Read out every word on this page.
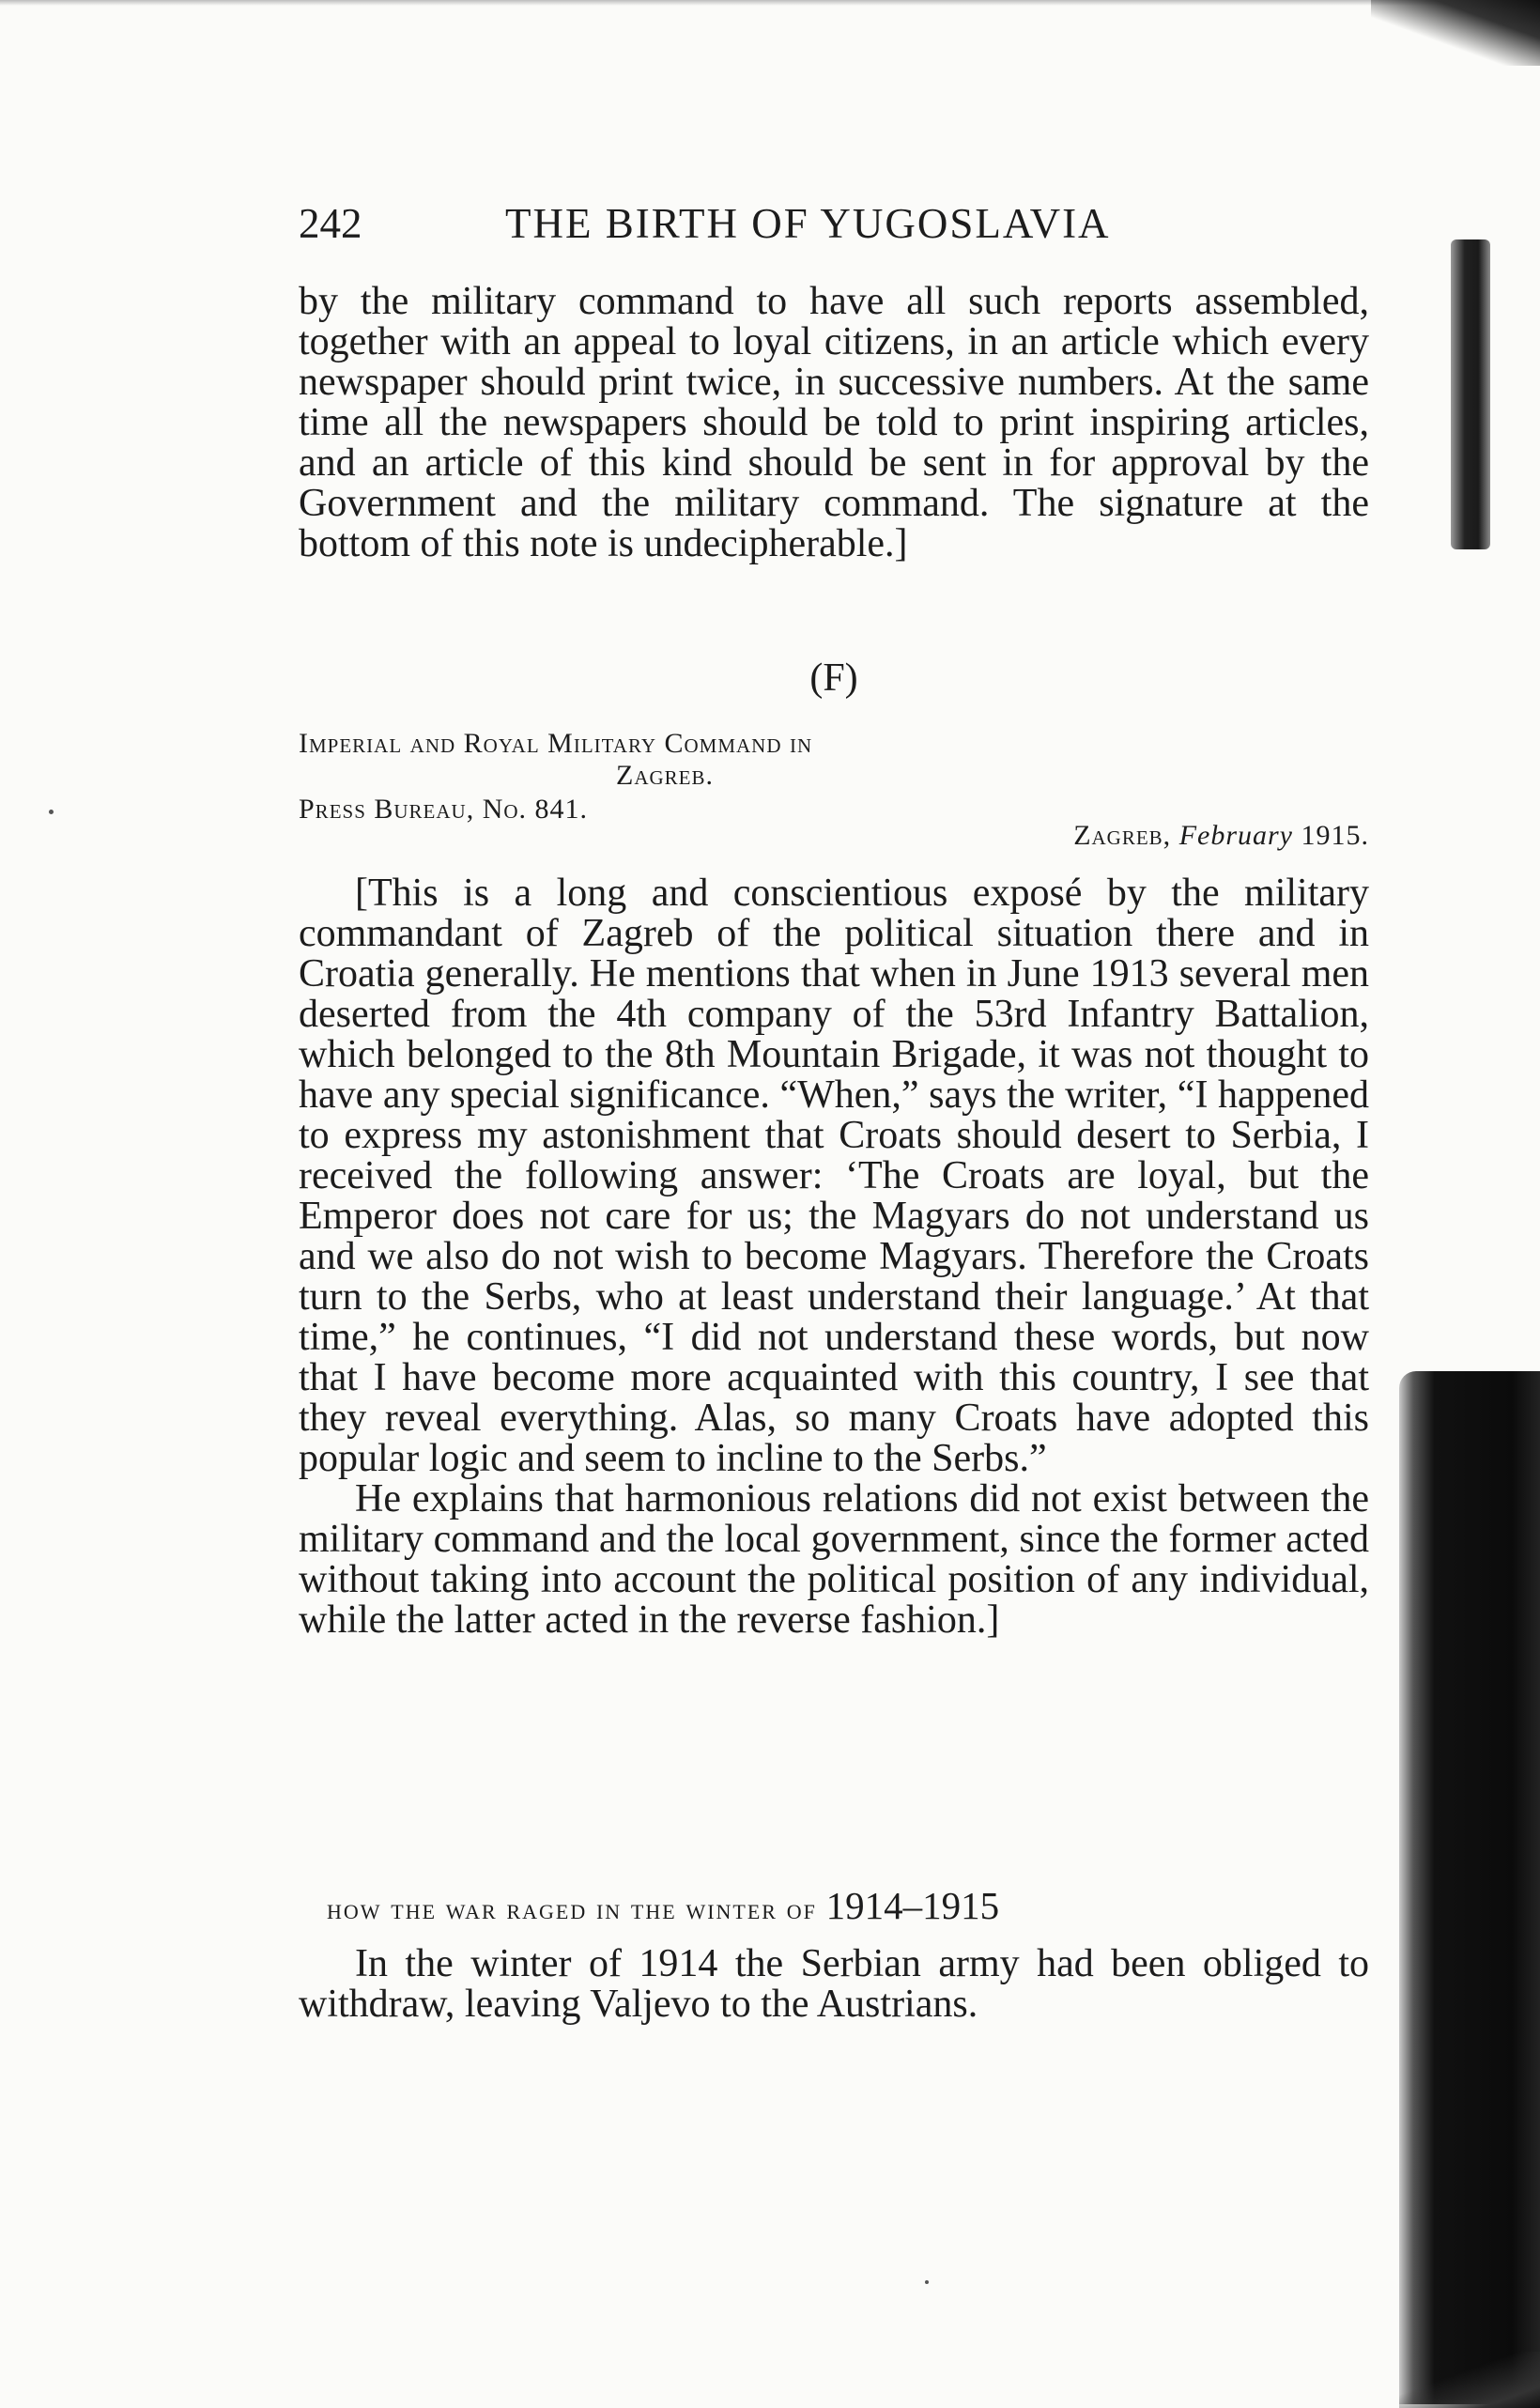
242	THE BIRTH OF YUGOSLAVIA

by the military command to have all such reports assembled, together with an appeal to loyal citizens, in an article which every newspaper should print twice, in successive numbers. At the same time all the newspapers should be told to print inspiring articles, and an article of this kind should be sent in for approval by the Government and the military command. The signature at the bottom of this note is undecipherable.]

(F)
Imperial and Royal Military Command in
Zagreb.
Press Bureau, No. 841.
Zagreb, February 1915.

[This is a long and conscientious exposé by the military commandant of Zagreb of the political situation there and in Croatia generally. He mentions that when in June 1913 several men deserted from the 4th company of the 53rd Infantry Battalion, which belonged to the 8th Mountain Brigade, it was not thought to have any special significance. “When,” says the writer, “I happened to express my astonishment that Croats should desert to Serbia, I received the following answer: ‘The Croats are loyal, but the Emperor does not care for us; the Magyars do not understand us and we also do not wish to become Magyars. Therefore the Croats turn to the Serbs, who at least understand their language.’ At that time,” he continues, “I did not understand these words, but now that I have become more acquainted with this country, I see that they reveal everything. Alas, so many Croats have adopted this popular logic and seem to incline to the Serbs.”

He explains that harmonious relations did not exist between the military command and the local government, since the former acted without taking into account the political position of any individual, while the latter acted in the reverse fashion.]

how the war raged in the winter of 1914–1915

In the winter of 1914 the Serbian army had been obliged to withdraw, leaving Valjevo to the Austrians.
